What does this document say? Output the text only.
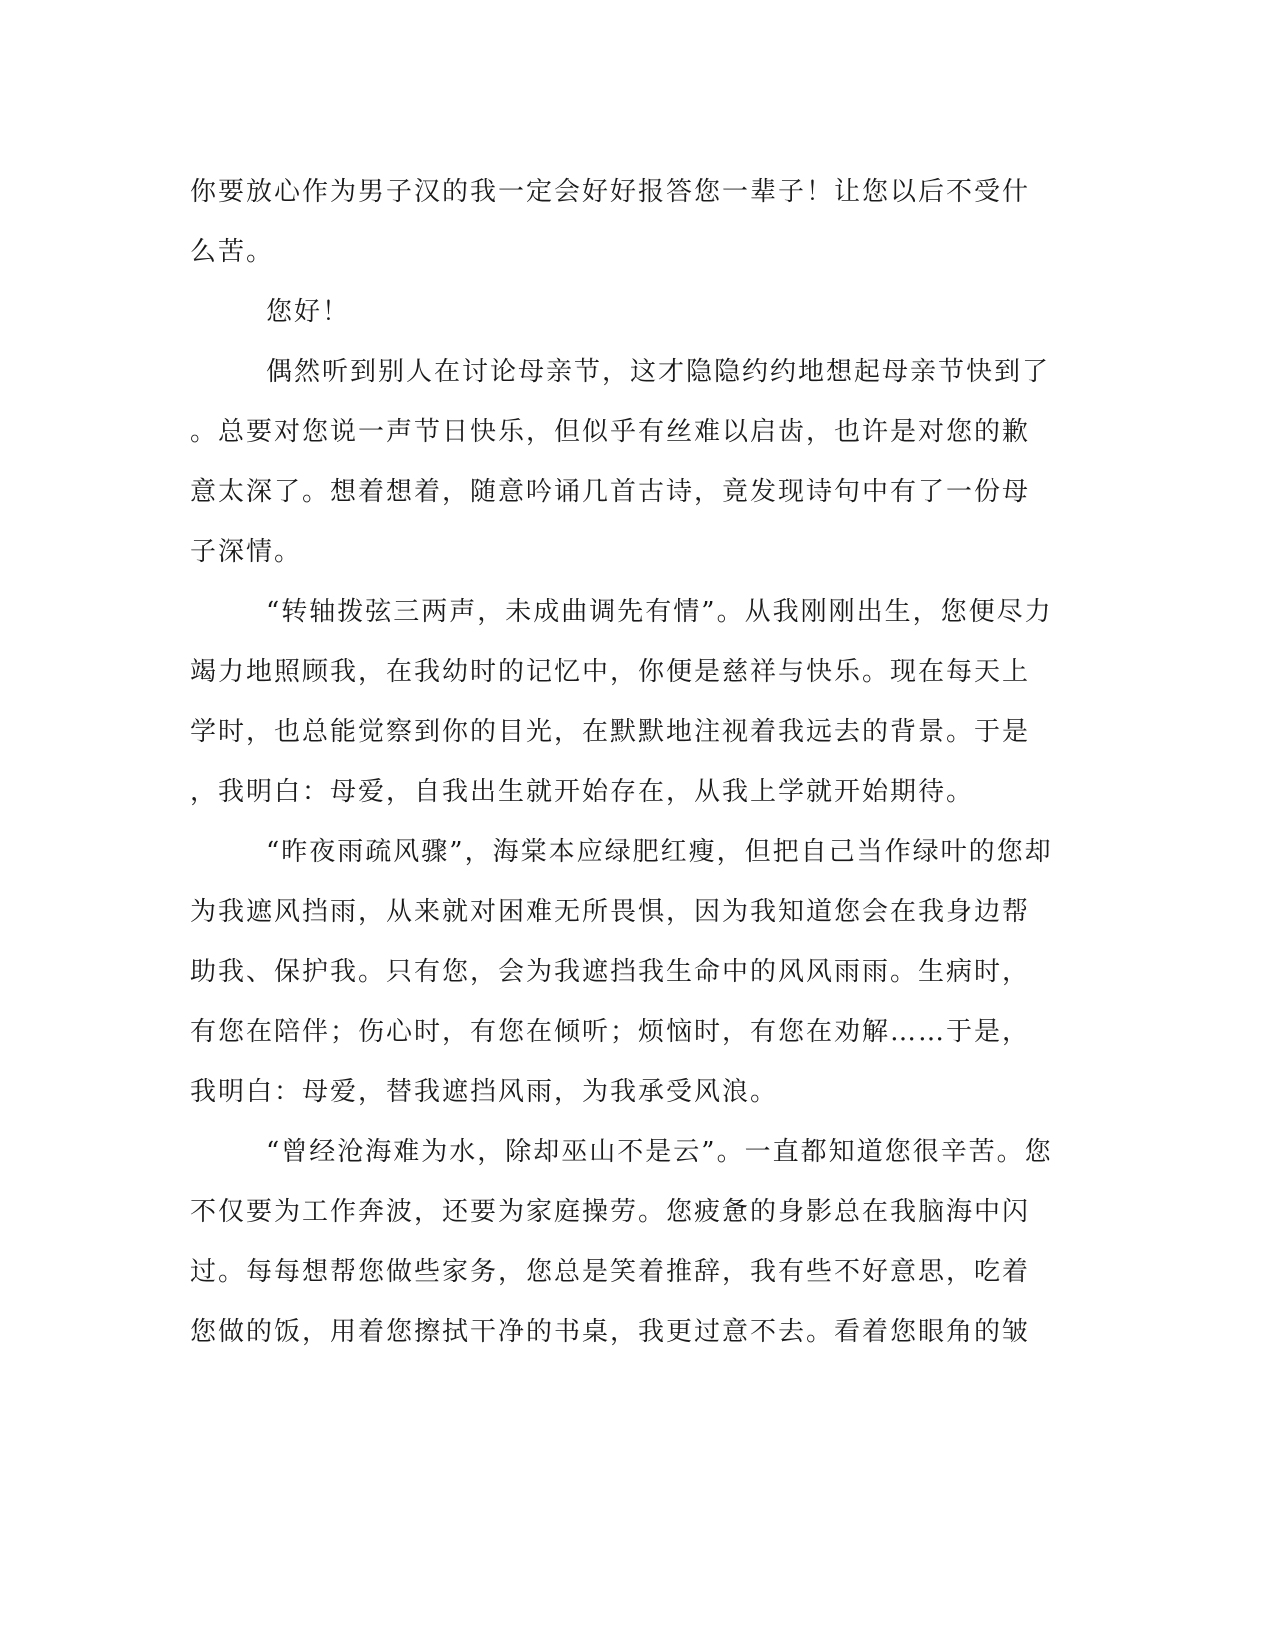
你要放心作为男子汉的我一定会好好报答您一辈子！让您以后不受什
么苦。
您好！
偶然听到别人在讨论母亲节，这才隐隐约约地想起母亲节快到了
。总要对您说一声节日快乐，但似乎有丝难以启齿，也许是对您的歉
意太深了。想着想着，随意吟诵几首古诗，竟发现诗句中有了一份母
子深情。
“转轴拨弦三两声，未成曲调先有情”。从我刚刚出生，您便尽力
竭力地照顾我，在我幼时的记忆中，你便是慈祥与快乐。现在每天上
学时，也总能觉察到你的目光，在默默地注视着我远去的背景。于是
，我明白：母爱，自我出生就开始存在，从我上学就开始期待。
“昨夜雨疏风骤”，海棠本应绿肥红瘦，但把自己当作绿叶的您却
为我遮风挡雨，从来就对困难无所畏惧，因为我知道您会在我身边帮
助我、保护我。只有您，会为我遮挡我生命中的风风雨雨。生病时，
有您在陪伴；伤心时，有您在倾听；烦恼时，有您在劝解……于是，
我明白：母爱，替我遮挡风雨，为我承受风浪。
“曾经沧海难为水，除却巫山不是云”。一直都知道您很辛苦。您
不仅要为工作奔波，还要为家庭操劳。您疲惫的身影总在我脑海中闪
过。每每想帮您做些家务，您总是笑着推辞，我有些不好意思，吃着
您做的饭，用着您擦拭干净的书桌，我更过意不去。看着您眼角的皱
